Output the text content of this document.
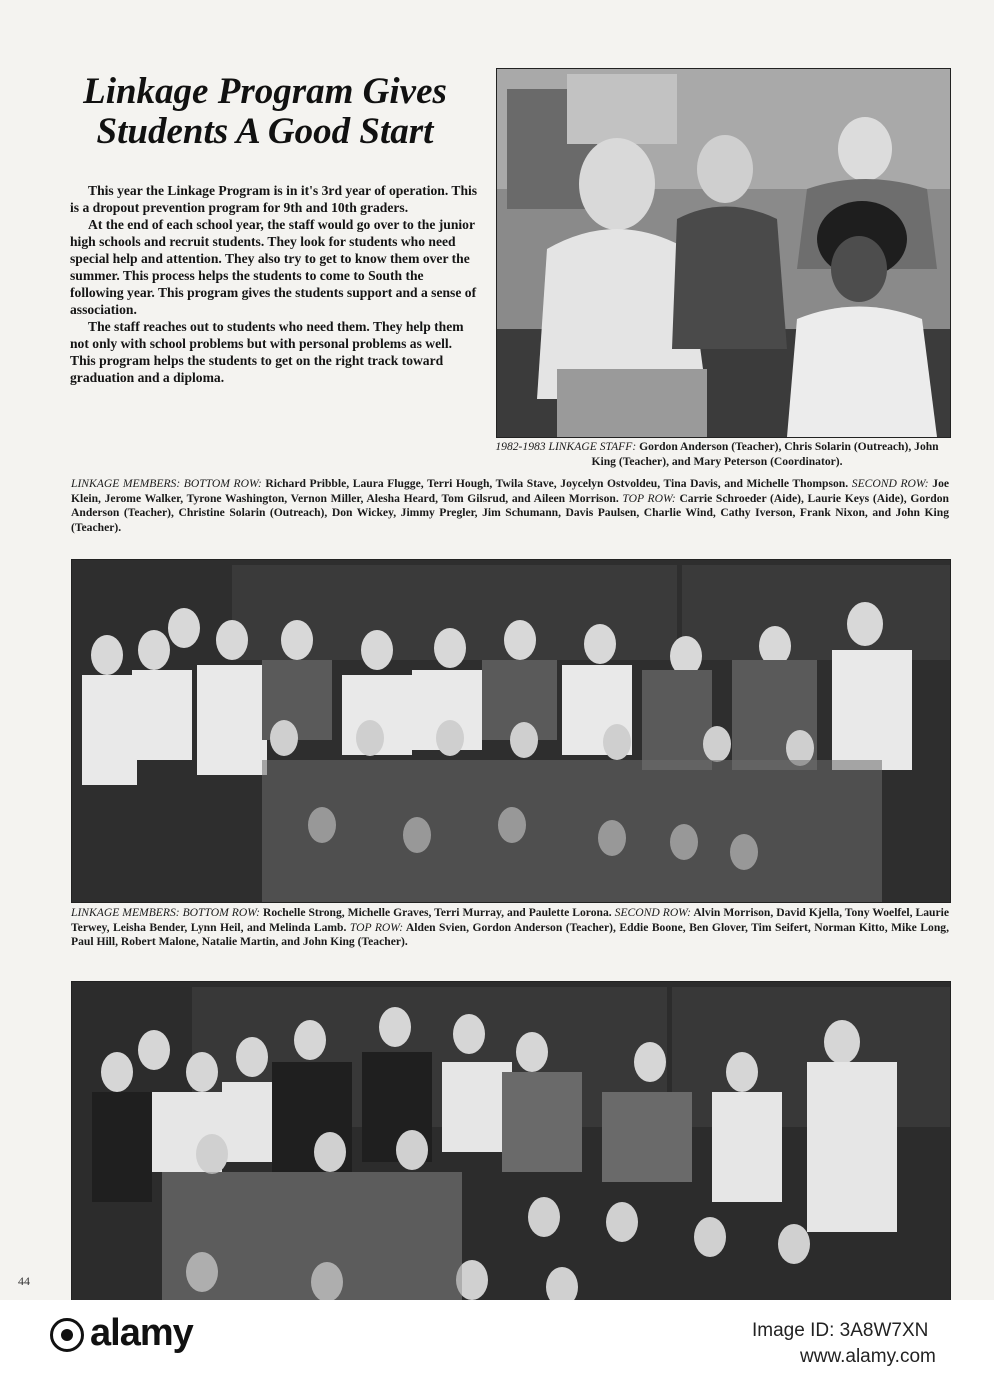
Linkage Program Gives
Students A Good Start

This year the Linkage Program is in it's 3rd year of operation. This is a dropout prevention program for 9th and 10th graders.

At the end of each school year, the staff would go over to the junior high schools and recruit students. They look for students who need special help and attention. They also try to get to know them over the summer. This process helps the students to come to South the following year. This program gives the students support and a sense of association.

The staff reaches out to students who need them. They help them not only with school problems but with personal problems as well. This program helps the students to get on the right track toward graduation and a diploma.

1982-1983 LINKAGE STAFF: Gordon Anderson (Teacher), Chris Solarin (Outreach), John King (Teacher), and Mary Peterson (Coordinator).
LINKAGE MEMBERS: BOTTOM ROW: Richard Pribble, Laura Flugge, Terri Hough, Twila Stave, Joycelyn Ostvoldeu, Tina Davis, and Michelle Thompson. SECOND ROW: Joe Klein, Jerome Walker, Tyrone Washington, Vernon Miller, Alesha Heard, Tom Gilsrud, and Aileen Morrison. TOP ROW: Carrie Schroeder (Aide), Laurie Keys (Aide), Gordon Anderson (Teacher), Christine Solarin (Outreach), Don Wickey, Jimmy Pregler, Jim Schumann, Davis Paulsen, Charlie Wind, Cathy Iverson, Frank Nixon, and John King (Teacher).
LINKAGE MEMBERS: BOTTOM ROW: Rochelle Strong, Michelle Graves, Terri Murray, and Paulette Lorona. SECOND ROW: Alvin Morrison, David Kjella, Tony Woelfel, Laurie Terwey, Leisha Bender, Lynn Heil, and Melinda Lamb. TOP ROW: Alden Svien, Gordon Anderson (Teacher), Eddie Boone, Ben Glover, Tim Seifert, Norman Kitto, Mike Long, Paul Hill, Robert Malone, Natalie Martin, and John King (Teacher).
44
alamy	Image ID: 3A8W7XN
www.alamy.com
